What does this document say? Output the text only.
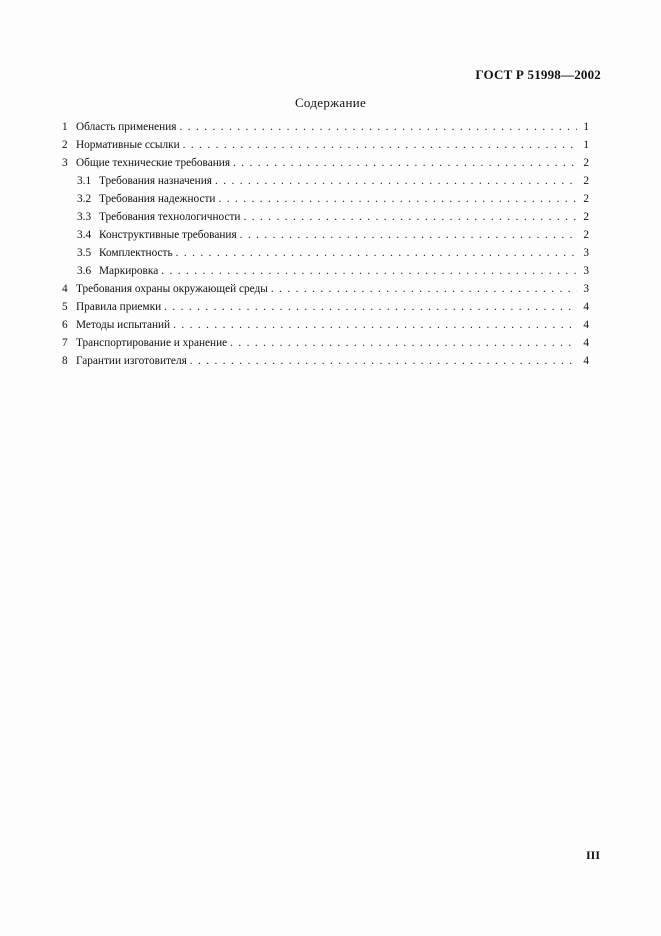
ГОСТ Р 51998—2002
Содержание
1 Область применения . . .	1
2 Нормативные ссылки . . .	1
3 Общие технические требования . . .	2
3.1 Требования назначения . . .	2
3.2 Требования надежности . . .	2
3.3 Требования технологичности . . .	2
3.4 Конструктивные требования . . .	2
3.5 Комплектность . . .	3
3.6 Маркировка . . .	3
4 Требования охраны окружающей среды . . .	3
5 Правила приемки . . .	4
6 Методы испытаний . . .	4
7 Транспортирование и хранение . . .	4
8 Гарантии изготовителя . . .	4
III
